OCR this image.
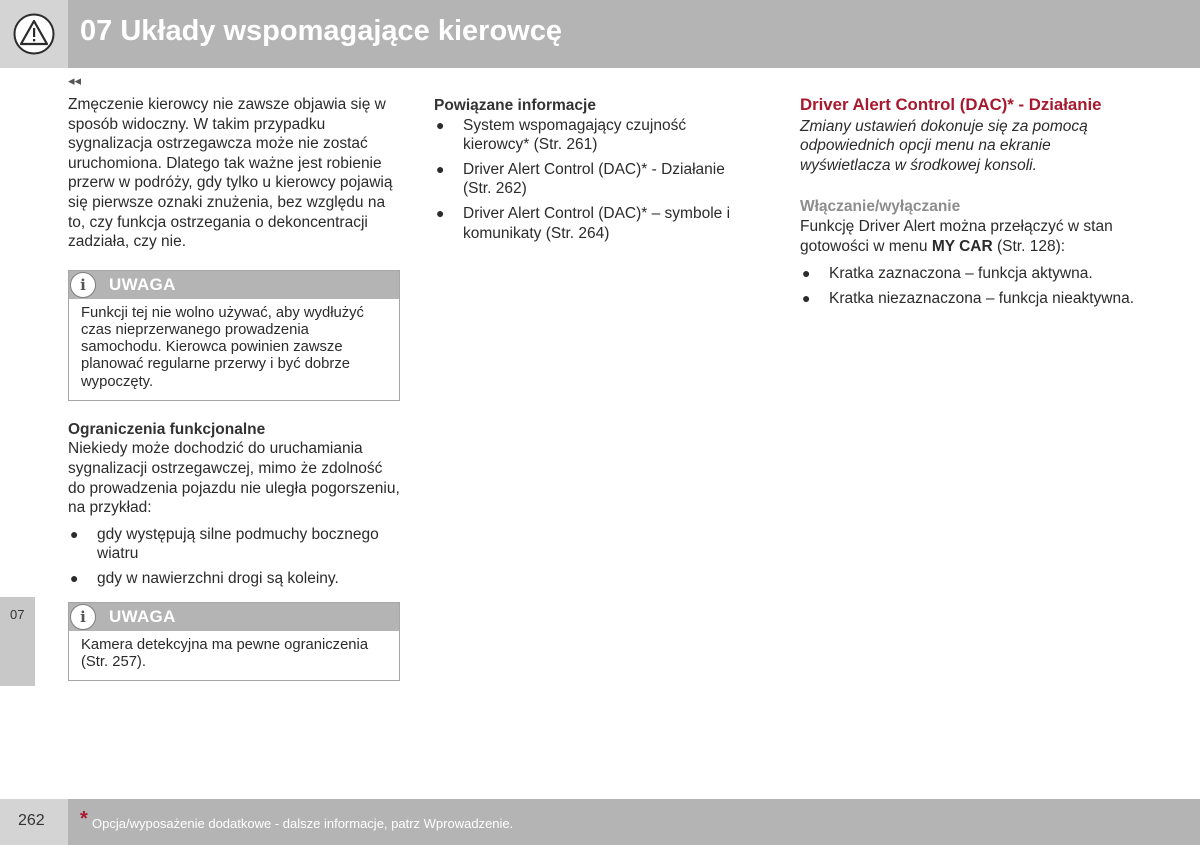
07 Układy wspomagające kierowcę
◂◂

Zmęczenie kierowcy nie zawsze objawia się w sposób widoczny. W takim przypadku sygnalizacja ostrzegawcza może nie zostać uruchomiona. Dlatego tak ważne jest robienie przerw w podróży, gdy tylko u kierowcy pojawią się pierwsze oznaki znużenia, bez względu na to, czy funkcja ostrzegania o dekoncentracji zadziała, czy nie.

i	UWAGA
Funkcji tej nie wolno używać, aby wydłużyć czas nieprzerwanego prowadzenia samochodu. Kierowca powinien zawsze planować regularne przerwy i być dobrze wypoczęty.

Ograniczenia funkcjonalne

Niekiedy może dochodzić do uruchamiania sygnalizacji ostrzegawczej, mimo że zdolność do prowadzenia pojazdu nie uległa pogorszeniu, na przykład:

● gdy występują silne podmuchy bocznego wiatru
● gdy w nawierzchni drogi są koleiny.
i	UWAGA
Kamera detekcyjna ma pewne ograniczenia (Str. 257).

Powiązane informacje

● System wspomagający czujność kierowcy* (Str. 261)
● Driver Alert Control (DAC)* - Działanie (Str. 262)
● Driver Alert Control (DAC)* – symbole i komunikaty (Str. 264)

Driver Alert Control (DAC)* - Działanie

Zmiany ustawień dokonuje się za pomocą odpowiednich opcji menu na ekranie wyświetlacza w środkowej konsoli.

Włączanie/wyłączanie

Funkcję Driver Alert można przełączyć w stan gotowości w menu MY CAR (Str. 128):

● Kratka zaznaczona – funkcja aktywna.
● Kratka niezaznaczona – funkcja nieaktywna.
07
262 * Opcja/wyposażenie dodatkowe - dalsze informacje, patrz Wprowadzenie.
